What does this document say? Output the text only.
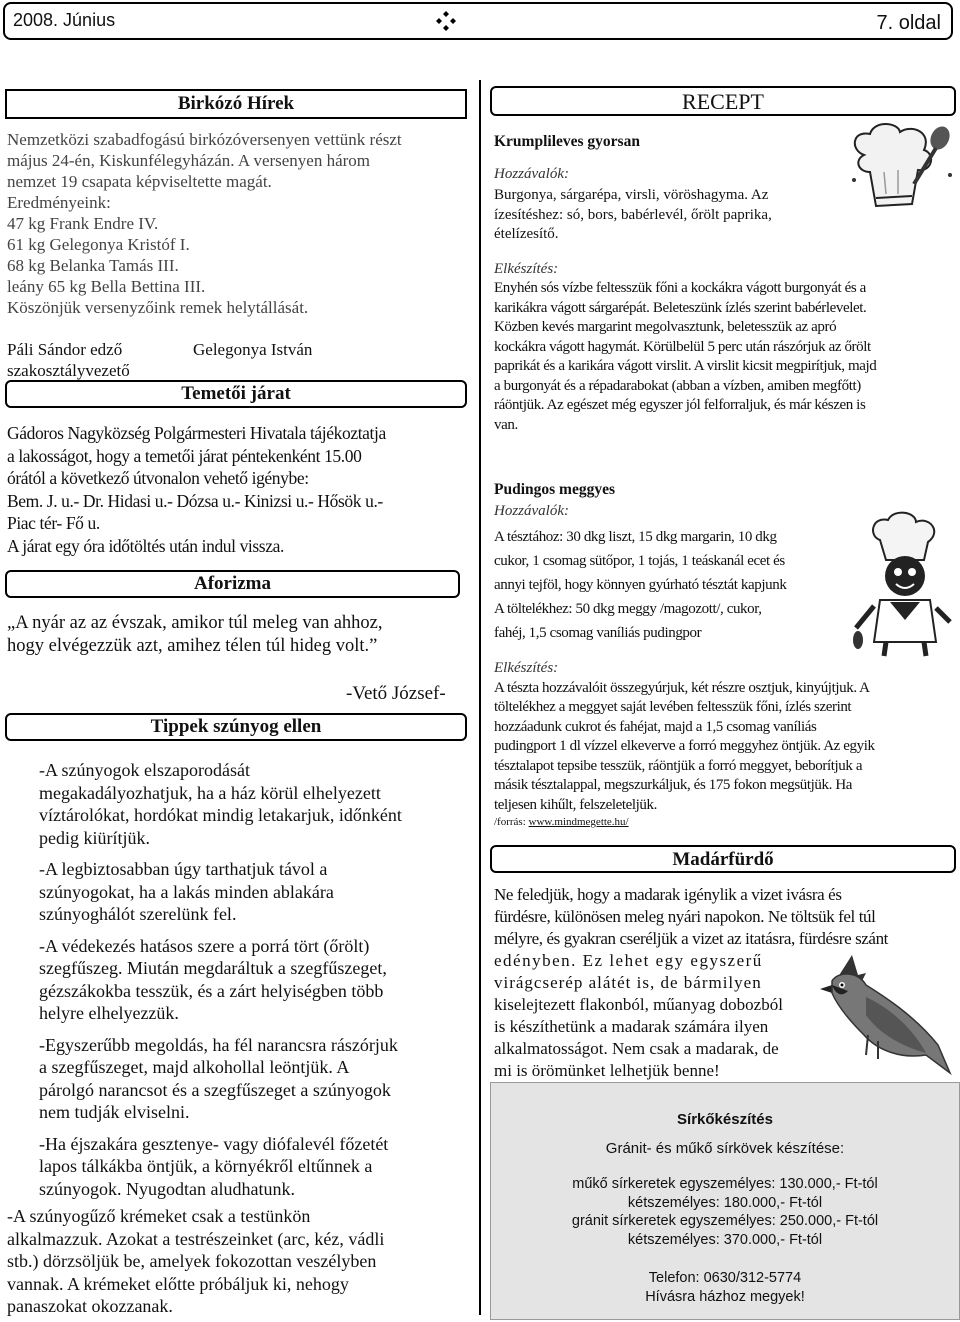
2008. Június	7. oldal
Birkózó Hírek

Nemzetközi szabadfogású birkózóversenyen vettünk részt

május 24-én, Kiskunfélegyházán. A versenyen három

nemzet 19 csapata képviseltette magát.

Eredményeink:

47 kg Frank Endre IV.

61 kg Gelegonya Kristóf I.

68 kg Belanka Tamás III.

leány 65 kg Bella Bettina III.

Köszönjük versenyzőink remek helytállását.

Páli Sándor edző	Gelegonya István

szakosztályvezető

Temetői járat

Gádoros Nagyközség Polgármesteri Hivatala tájékoztatja

a lakosságot, hogy a temetői járat péntekenként 15.00

órától a következő útvonalon vehető igénybe:

Bem. J. u.- Dr. Hidasi u.- Dózsa u.- Kinizsi u.- Hősök u.-

Piac tér- Fő u.

A járat egy óra időtöltés után indul vissza.

Aforizma

„A nyár az az évszak, amikor túl meleg van ahhoz,

hogy elvégezzük azt, amihez télen túl hideg volt.”

-Vető József-
Tippek szúnyog ellen

-A szúnyogok elszaporodását

megakadályozhatjuk, ha a ház körül elhelyezett

víztárolókat, hordókat mindig letakarjuk, időnként

pedig kiürítjük.

-A legbiztosabban úgy tarthatjuk távol a

szúnyogokat, ha a lakás minden ablakára

szúnyoghálót szerelünk fel.

-A védekezés hatásos szere a porrá tört (őrölt)

szegfűszeg. Miután megdaráltuk a szegfűszeget,

gézszákokba tesszük, és a zárt helyiségben több

helyre elhelyezzük.

-Egyszerűbb megoldás, ha fél narancsra rászórjuk

a szegfűszeget, majd alkohollal leöntjük. A

párolgó narancsot és a szegfűszeget a szúnyogok

nem tudják elviselni.

-Ha éjszakára gesztenye- vagy diófalevél főzetét

lapos tálkákba öntjük, a környékről eltűnnek a

szúnyogok. Nyugodtan aludhatunk.

-A szúnyogűző krémeket csak a testünkön

alkalmazzuk. Azokat a testrészeinket (arc, kéz, vádli

stb.) dörzsöljük be, amelyek fokozottan veszélyben

vannak. A krémeket előtte próbáljuk ki, nehogy

panaszokat okozzanak.

RECEPT

Krumplileves gyorsan

Hozzávalók:

Burgonya, sárgarépa, virsli, vöröshagyma. Az

ízesítéshez: só, bors, babérlevél, őrölt paprika,

ételízesítő.

Elkészítés:

Enyhén sós vízbe feltesszük főni a kockákra vágott burgonyát és a

karikákra vágott sárgarépát. Beleteszünk ízlés szerint babérlevelet.

Közben kevés margarint megolvasztunk, beletesszük az apró

kockákra vágott hagymát. Körülbelül 5 perc után rászórjuk az őrölt

paprikát és a karikára vágott virslit. A virslit kicsit megpirítjuk, majd

a burgonyát és a répadarabokat (abban a vízben, amiben megfőtt)

ráöntjük. Az egészet még egyszer jól felforraljuk, és már készen is

van.

Pudingos meggyes

Hozzávalók:

A tésztához: 30 dkg liszt, 15 dkg margarin, 10 dkg

cukor, 1 csomag sütőpor, 1 tojás, 1 teáskanál ecet és

annyi tejföl, hogy könnyen gyúrható tésztát kapjunk

A töltelékhez: 50 dkg meggy /magozott/, cukor,

fahéj, 1,5 csomag vaníliás pudingpor

Elkészítés:

A tészta hozzávalóit összegyúrjuk, két részre osztjuk, kinyújtjuk. A

töltelékhez a meggyet saját levében feltesszük főni, ízlés szerint

hozzáadunk cukrot és fahéjat, majd a 1,5 csomag vaníliás

pudingport 1 dl vízzel elkeverve a forró meggyhez öntjük. Az egyik

tésztalapot tepsibe tesszük, ráöntjük a forró meggyet, beborítjuk a

másik tésztalappal, megszurkáljuk, és 175 fokon megsütjük. Ha

teljesen kihűlt, felszeleteljük.

/forrás: www.mindmegette.hu/

Madárfürdő

Ne feledjük, hogy a madarak igénylik a vizet ivásra és

fürdésre, különösen meleg nyári napokon. Ne töltsük fel túl

mélyre, és gyakran cseréljük a vizet az itatásra, fürdésre szánt

edényben. Ez lehet egy egyszerű

virágcserép alátét is, de bármilyen

kiselejtezett flakonból, műanyag dobozból

is készíthetünk a madarak számára ilyen

alkalmatosságot. Nem csak a madarak, de

mi is örömünket lelhetjük benne!

Sírkőkészítés

Gránit- és műkő sírkövek készítése:

műkő sírkeretek egyszemélyes: 130.000,- Ft-tól

kétszemélyes: 180.000,- Ft-tól

gránit sírkeretek egyszemélyes: 250.000,- Ft-tól

kétszemélyes: 370.000,- Ft-tól

Telefon: 0630/312-5774

Hívásra házhoz megyek!
